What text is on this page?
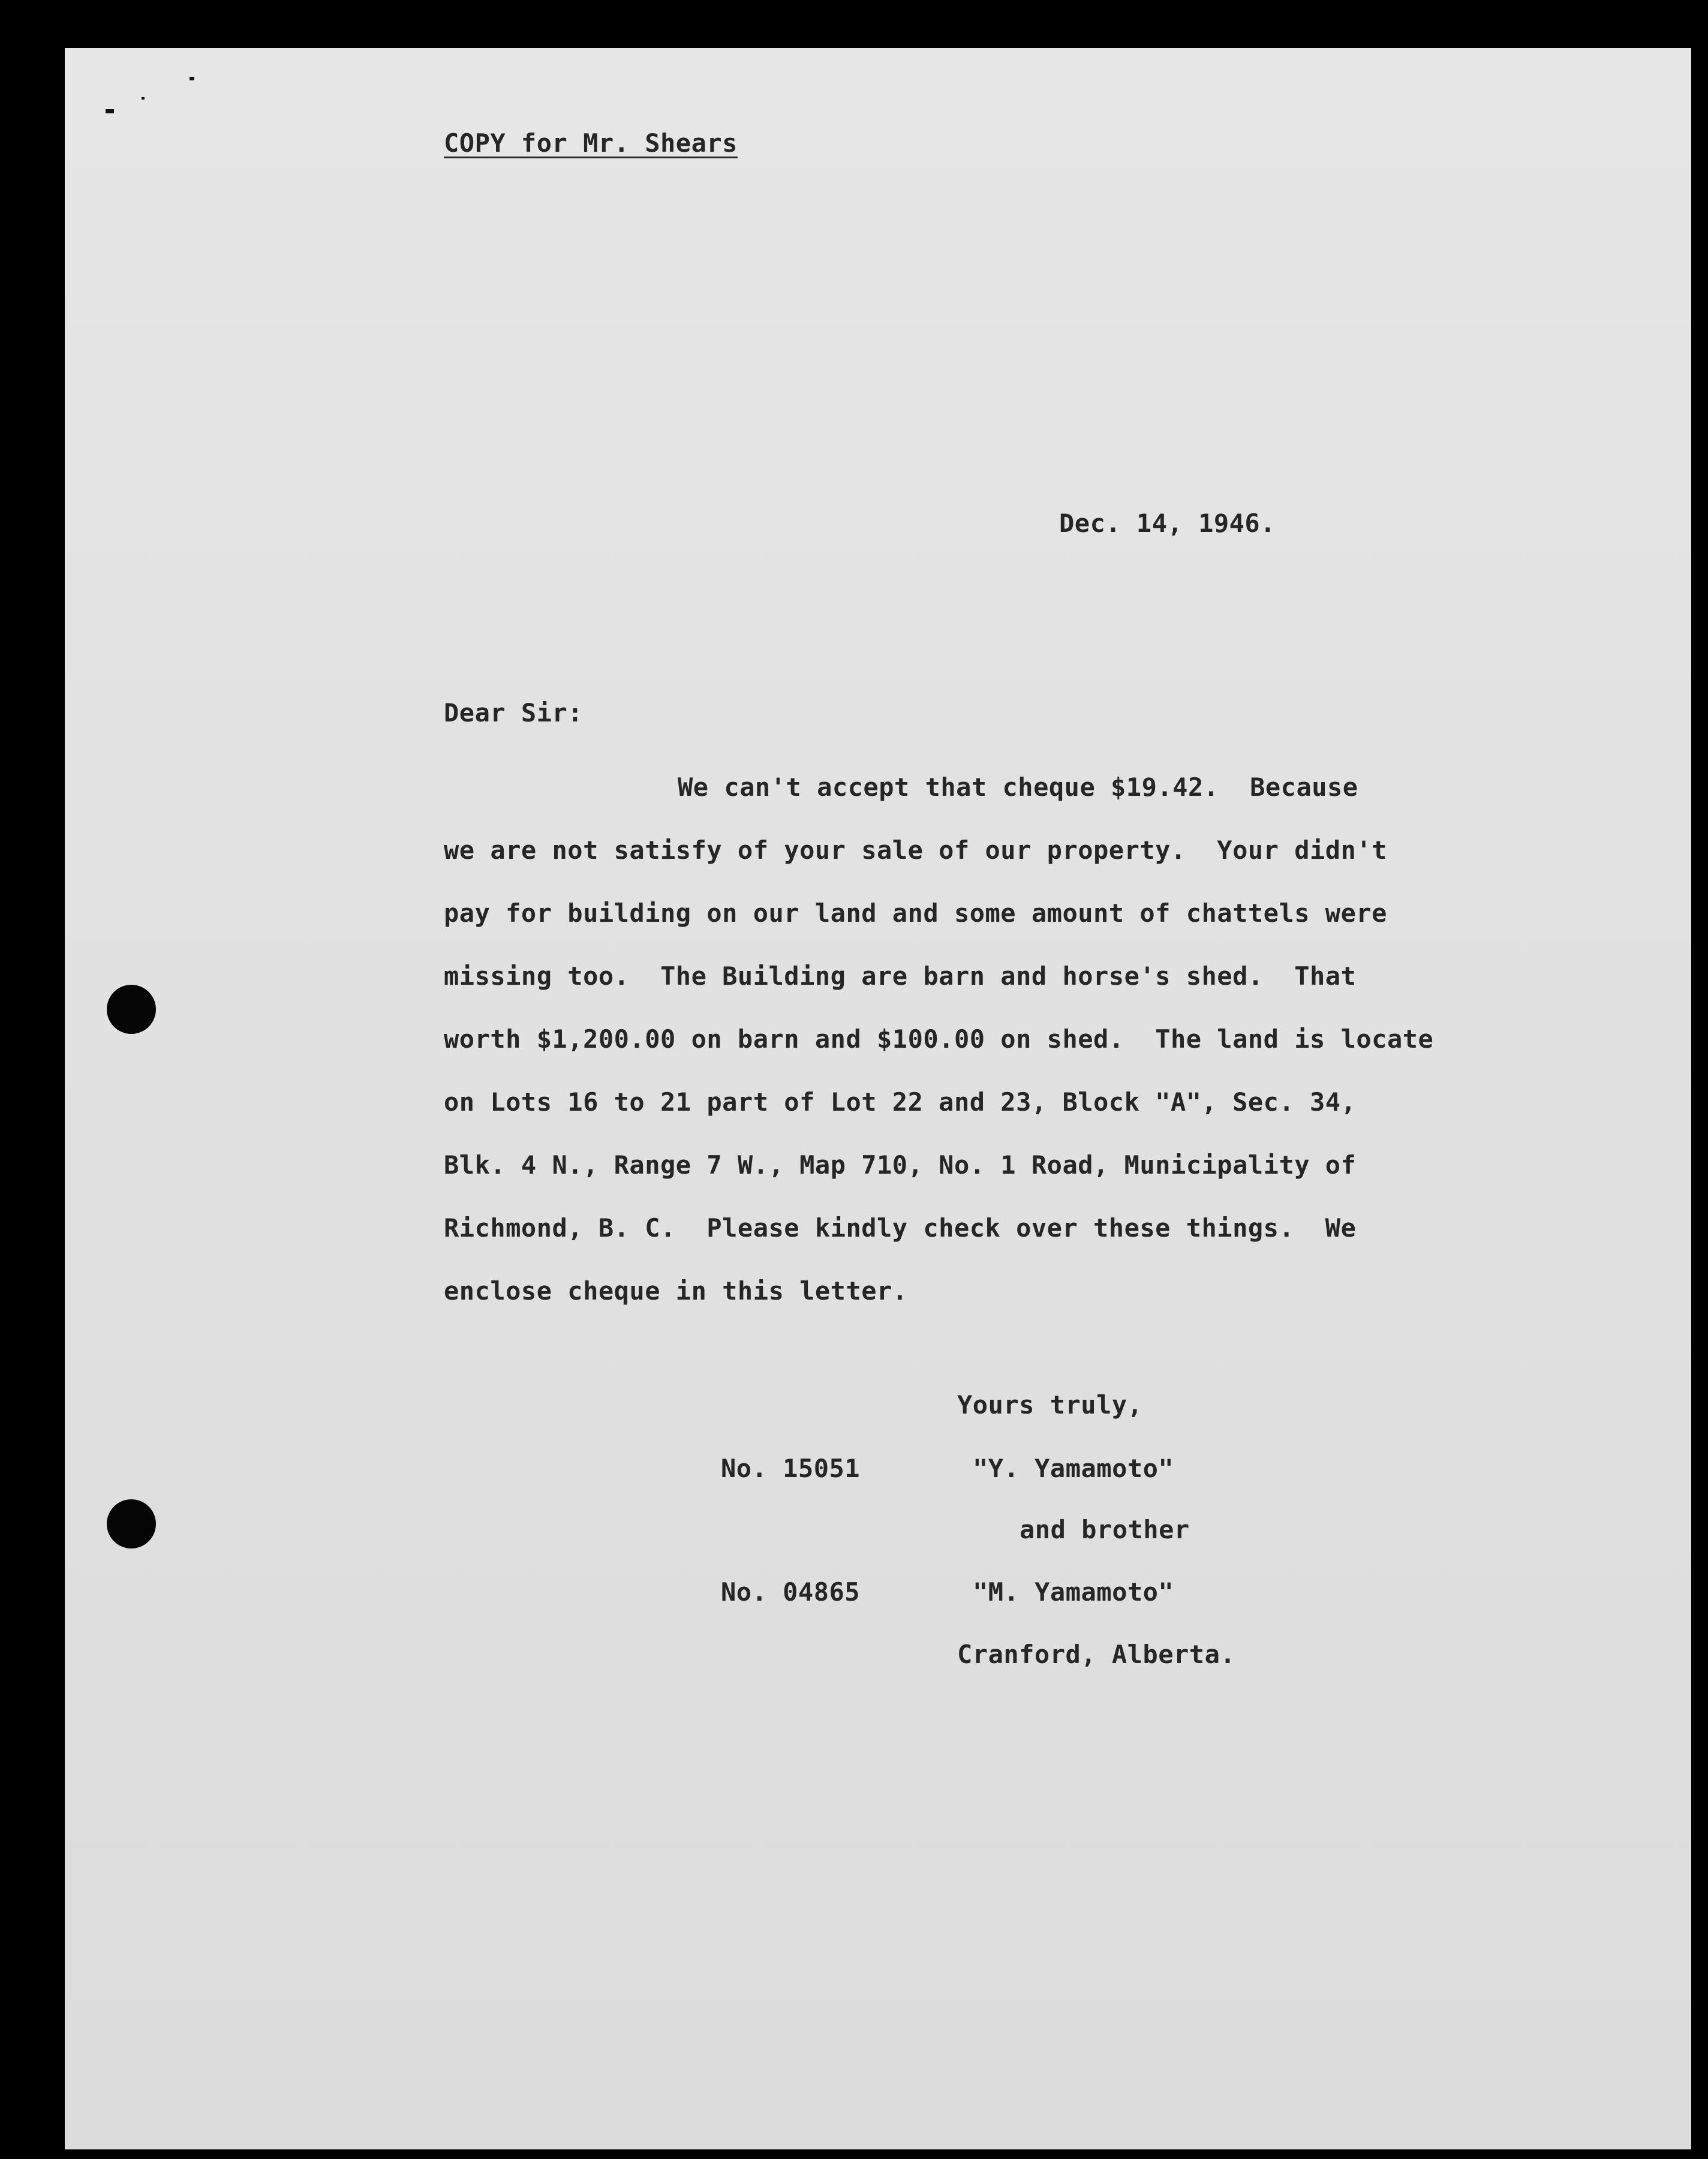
COPY for Mr. Shears
Dec. 14, 1946.
Dear Sir:
We can't accept that cheque $19.42.  Because
we are not satisfy of your sale of our property.  Your didn't
pay for building on our land and some amount of chattels were
missing too.  The Building are barn and horse's shed.  That
worth $1,200.00 on barn and $100.00 on shed.  The land is locate
on Lots 16 to 21 part of Lot 22 and 23, Block "A", Sec. 34,
Blk. 4 N., Range 7 W., Map 710, No. 1 Road, Municipality of
Richmond, B. C.  Please kindly check over these things.  We
enclose cheque in this letter.
Yours truly,
No. 15051	"Y. Yamamoto"
and brother
No. 04865	"M. Yamamoto"
Cranford, Alberta.
